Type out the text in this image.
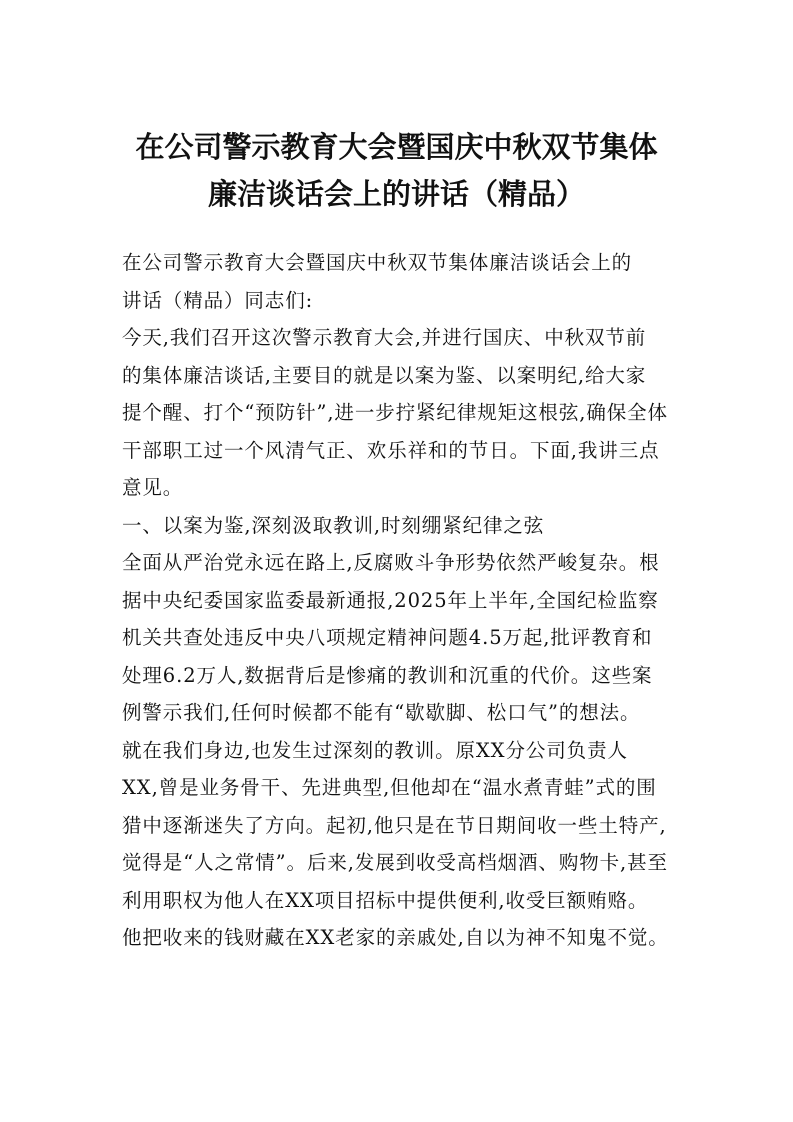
在公司警示教育大会暨国庆中秋双节集体
廉洁谈话会上的讲话（精品）

在公司警示教育大会暨国庆中秋双节集体廉洁谈话会上的

讲话（精品）同志们:

今天,我们召开这次警示教育大会,并进行国庆、中秋双节前

的集体廉洁谈话,主要目的就是以案为鉴、以案明纪,给大家

提个醒、打个“预防针”,进一步拧紧纪律规矩这根弦,确保全体

干部职工过一个风清气正、欢乐祥和的节日。下面,我讲三点

意见。

一、以案为鉴,深刻汲取教训,时刻绷紧纪律之弦

全面从严治党永远在路上,反腐败斗争形势依然严峻复杂。根

据中央纪委国家监委最新通报,2025年上半年,全国纪检监察

机关共查处违反中央八项规定精神问题4.5万起,批评教育和

处理6.2万人,数据背后是惨痛的教训和沉重的代价。这些案

例警示我们,任何时候都不能有“歇歇脚、松口气”的想法。

就在我们身边,也发生过深刻的教训。原XX分公司负责人

XX,曾是业务骨干、先进典型,但他却在“温水煮青蛙”式的围

猎中逐渐迷失了方向。起初,他只是在节日期间收一些土特产,

觉得是“人之常情”。后来,发展到收受高档烟酒、购物卡,甚至

利用职权为他人在XX项目招标中提供便利,收受巨额贿赂。

他把收来的钱财藏在XX老家的亲戚处,自以为神不知鬼不觉。
